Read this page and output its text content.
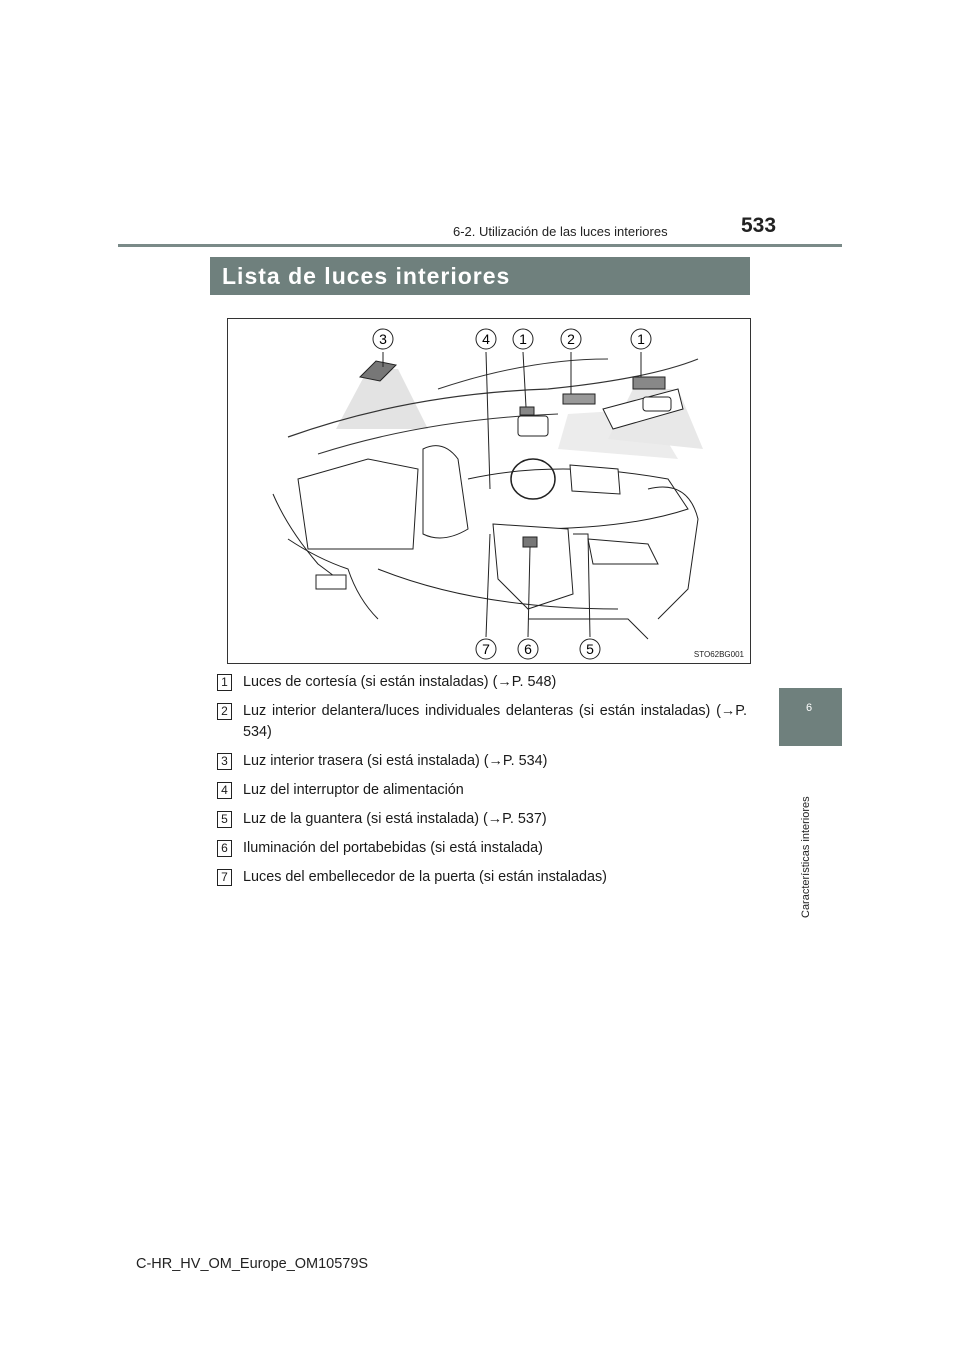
6-2. Utilización de las luces interiores	533
6
Características interiores
Lista de luces interiores
3	4 1	2	1
7 6	5	STO62BG001
1 Luces de cortesía (si están instaladas) (→P. 548)
2 Luz interior delantera/luces individuales delanteras (si están instaladas) (→P. 534)
3 Luz interior trasera (si está instalada) (→P. 534)
4 Luz del interruptor de alimentación
5 Luz de la guantera (si está instalada) (→P. 537)
6 Iluminación del portabebidas (si está instalada)
7 Luces del embellecedor de la puerta (si están instaladas)
C-HR_HV_OM_Europe_OM10579S
